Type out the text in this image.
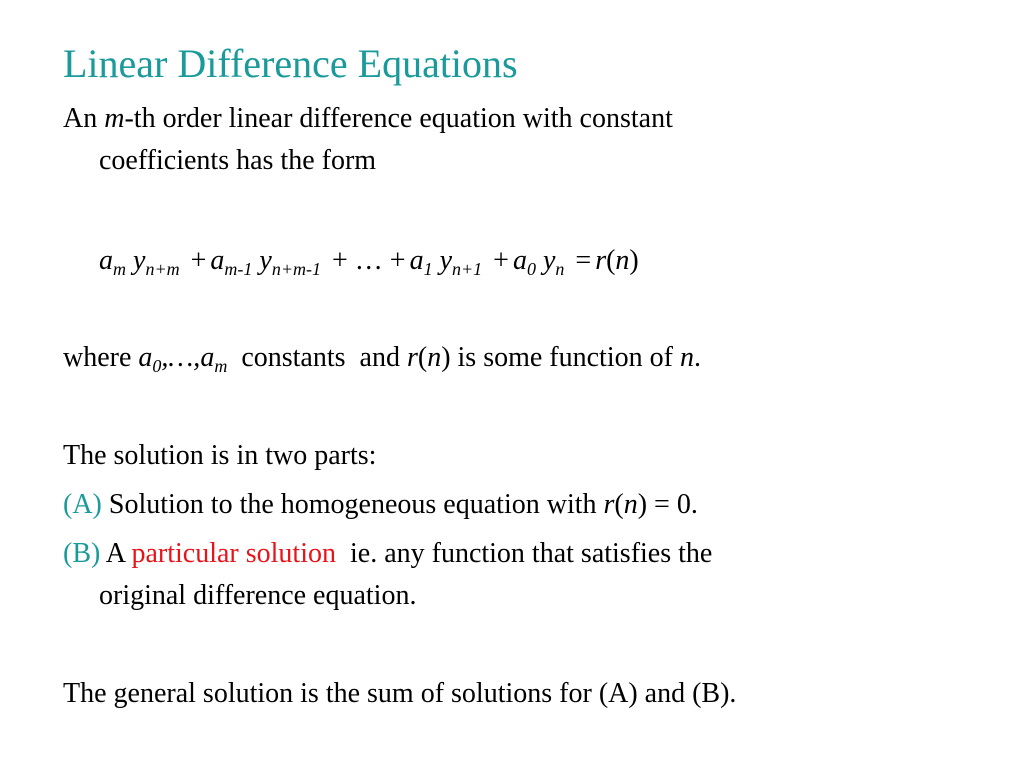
Linear Difference Equations
An m-th order linear difference equation with constant
coefficients has the form
$a_m$ $y_{n+m} + a_{m-1}$ $y_{n+m-1}$ + … + $a_1$ $y_{n+1} + a_0$ $y_n = r(n)$
where $a_0,\dots,a_m$  constants  and r(n) is some function of n.
The solution is in two parts:
(A) Solution to the homogeneous equation with r(n) = 0.
(B) A particular solution  ie. any function that satisfies the
original difference equation.
The general solution is the sum of solutions for (A) and (B).
